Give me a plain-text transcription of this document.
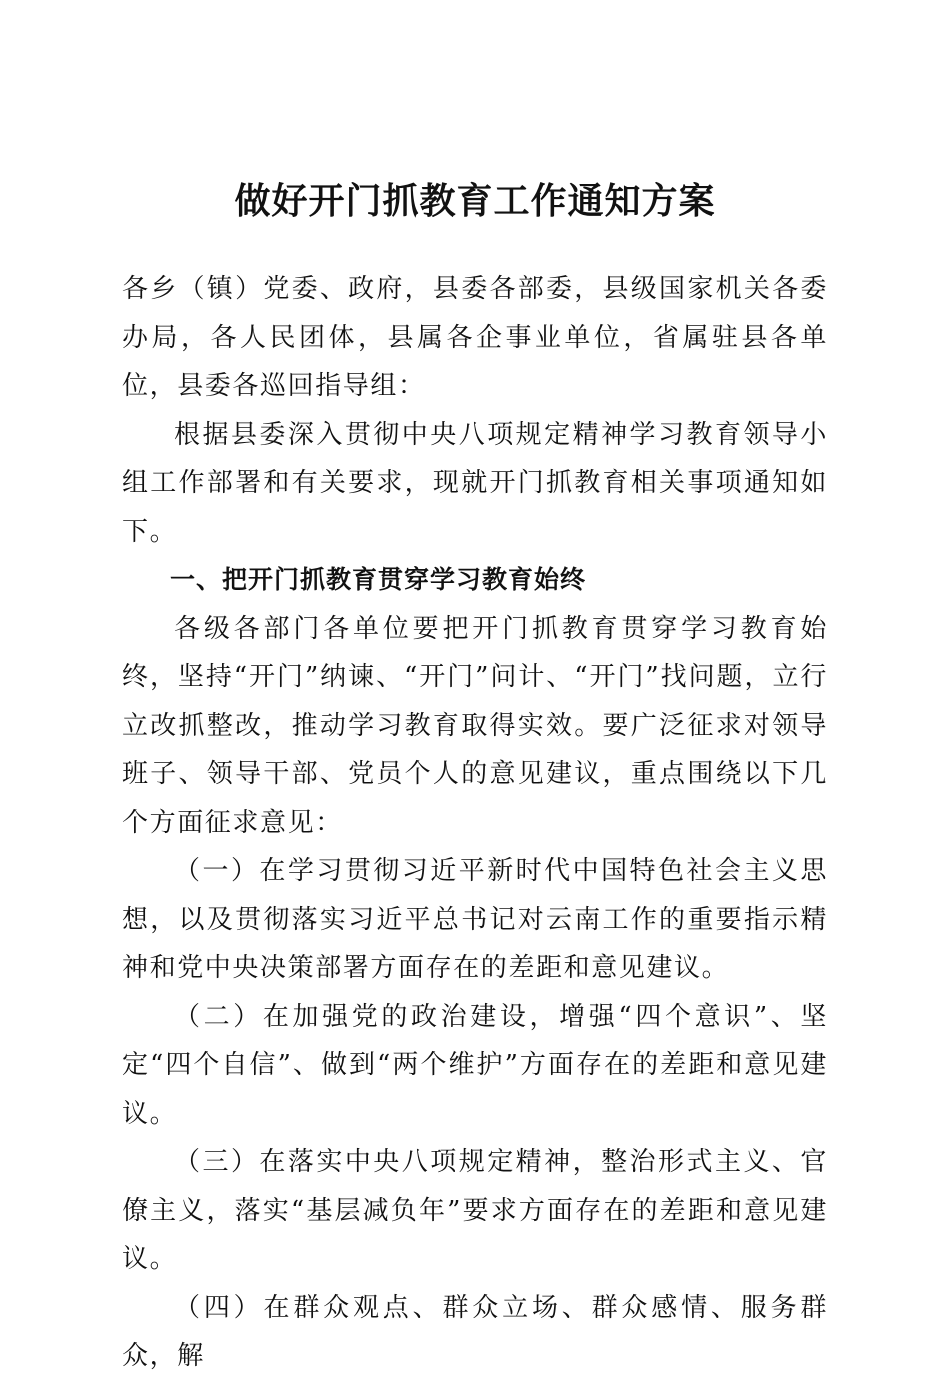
做好开门抓教育工作通知方案

各乡（镇）党委、政府，县委各部委，县级国家机关各委办局，各人民团体，县属各企事业单位，省属驻县各单位，县委各巡回指导组：

根据县委深入贯彻中央八项规定精神学习教育领导小组工作部署和有关要求，现就开门抓教育相关事项通知如下。

一、把开门抓教育贯穿学习教育始终

各级各部门各单位要把开门抓教育贯穿学习教育始终，坚持“开门”纳谏、“开门”问计、“开门”找问题，立行立改抓整改，推动学习教育取得实效。要广泛征求对领导班子、领导干部、党员个人的意见建议，重点围绕以下几个方面征求意见：

（一）在学习贯彻习近平新时代中国特色社会主义思想，以及贯彻落实习近平总书记对云南工作的重要指示精神和党中央决策部署方面存在的差距和意见建议。

（二）在加强党的政治建设，增强“四个意识”、坚定“四个自信”、做到“两个维护”方面存在的差距和意见建议。

（三）在落实中央八项规定精神，整治形式主义、官僚主义，落实“基层减负年”要求方面存在的差距和意见建议。

（四）在群众观点、群众立场、群众感情、服务群众，解
